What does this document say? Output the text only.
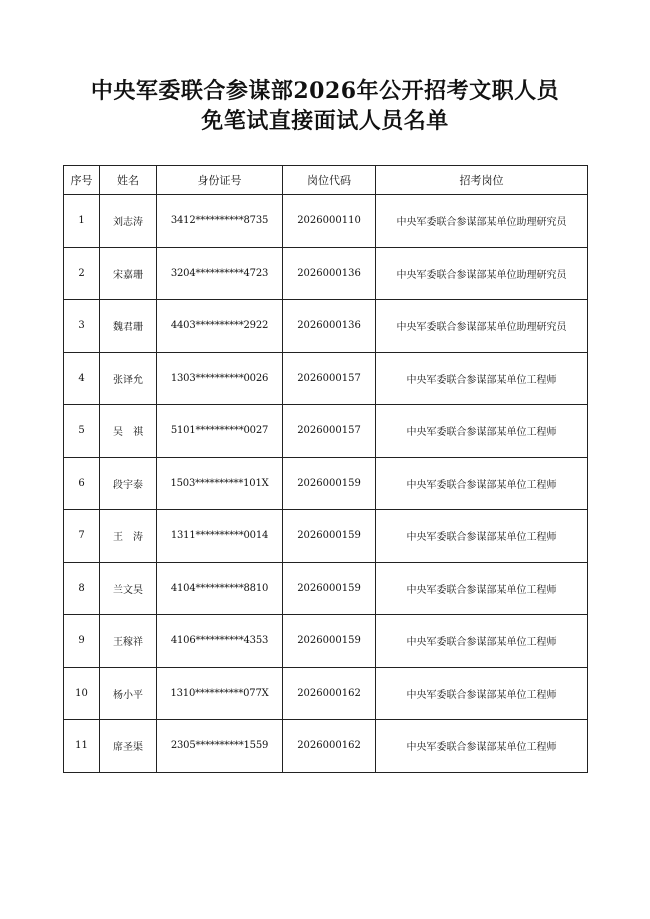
中央军委联合参谋部2026年公开招考文职人员
免笔试直接面试人员名单
序号	姓名	身份证号	岗位代码	招考岗位
1	刘志涛	3412**********8735	2026000110	中央军委联合参谋部某单位助理研究员
2	宋嘉珊	3204**********4723	2026000136	中央军委联合参谋部某单位助理研究员
3	魏君珊	4403**********2922	2026000136	中央军委联合参谋部某单位助理研究员
4	张译允	1303**********0026	2026000157	中央军委联合参谋部某单位工程师
5	吴　祺	5101**********0027	2026000157	中央军委联合参谋部某单位工程师
6	段宇泰	1503**********101X	2026000159	中央军委联合参谋部某单位工程师
7	王　涛	1311**********0014	2026000159	中央军委联合参谋部某单位工程师
8	兰文昊	4104**********8810	2026000159	中央军委联合参谋部某单位工程师
9	王稼祥	4106**********4353	2026000159	中央军委联合参谋部某单位工程师
10	杨小平	1310**********077X	2026000162	中央军委联合参谋部某单位工程师
11	席圣渠	2305**********1559	2026000162	中央军委联合参谋部某单位工程师
